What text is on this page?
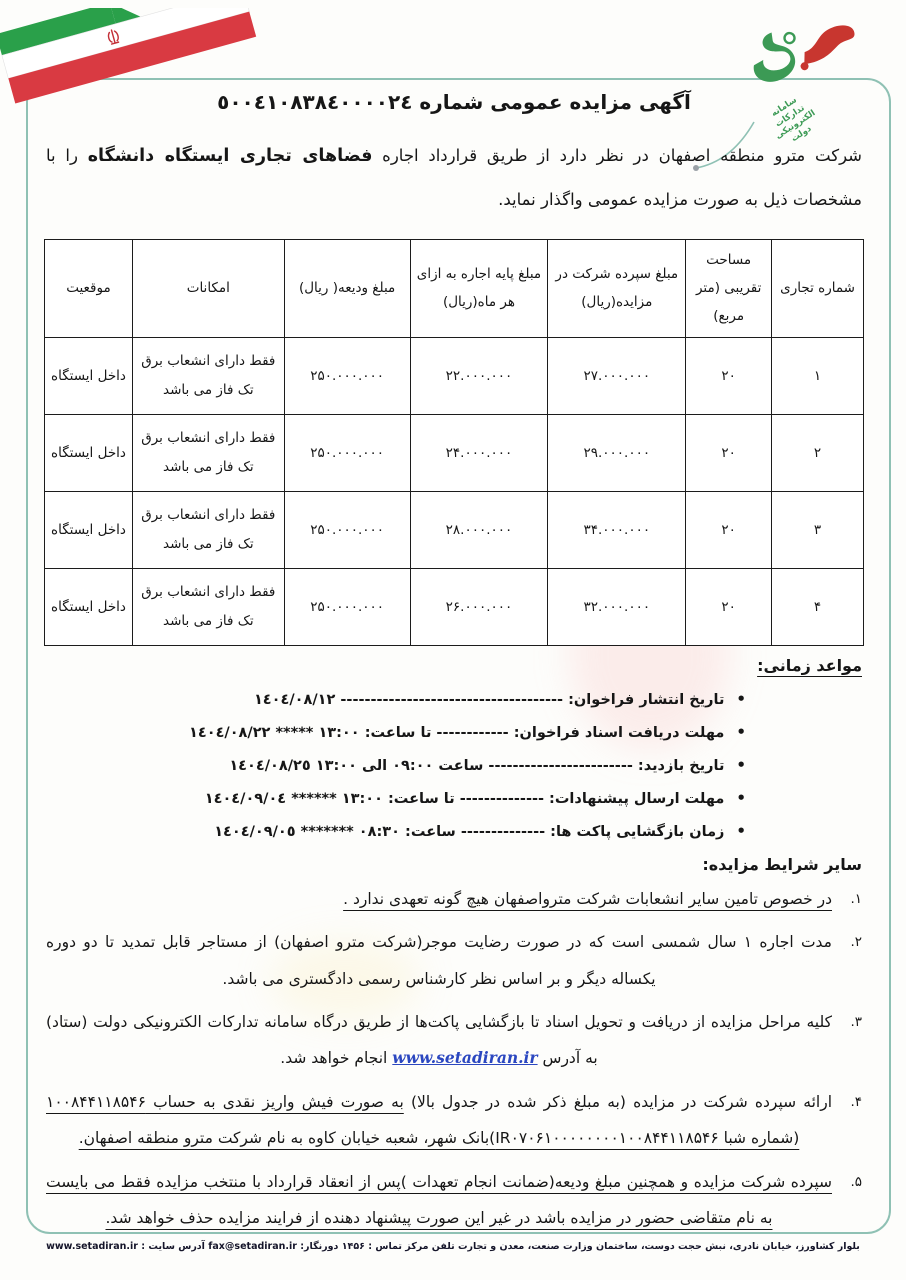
سامانه
تدارکات
الکترونیکی
دولت
آگهی مزایده عمومی شماره ٥٠٠٤١٠٨٣٨٤٠٠٠٠٢٤

شرکت مترو منطقه اصفهان در نظر دارد از طریق قرارداد اجاره فضاهای تجاری ایستگاه دانشگاه را با مشخصات ذیل به صورت مزایده عمومی واگذار نماید.

شماره تجاری	مساحت تقریبی (متر مربع)	مبلغ سپرده شرکت در مزایده(ریال)	مبلغ پایه اجاره به ازای هر ماه(ریال)	مبلغ ودیعه( ریال)	امکانات	موقعیت
۱	۲۰	۲۷.۰۰۰.۰۰۰	۲۲.۰۰۰.۰۰۰	۲۵۰.۰۰۰.۰۰۰	فقط دارای انشعاب برق تک فاز می باشد	داخل ایستگاه
۲	۲۰	۲۹.۰۰۰.۰۰۰	۲۴.۰۰۰.۰۰۰	۲۵۰.۰۰۰.۰۰۰	فقط دارای انشعاب برق تک فاز می باشد	داخل ایستگاه
۳	۲۰	۳۴.۰۰۰.۰۰۰	۲۸.۰۰۰.۰۰۰	۲۵۰.۰۰۰.۰۰۰	فقط دارای انشعاب برق تک فاز می باشد	داخل ایستگاه
۴	۲۰	۳۲.۰۰۰.۰۰۰	۲۶.۰۰۰.۰۰۰	۲۵۰.۰۰۰.۰۰۰	فقط دارای انشعاب برق تک فاز می باشد	داخل ایستگاه
مواعد زمانی:
• تاریخ انتشار فراخوان: ------------------------------------- ١٤٠٤/٠٨/١٢
• مهلت دریافت اسناد فراخوان: ------------ تا ساعت: ١٣:٠٠ ***** ١٤٠٤/٠٨/٢٢
• تاریخ بازدید: ------------------------ ساعت ٠٩:٠٠ الی ١٣:٠٠ ١٤٠٤/٠٨/٢٥
• مهلت ارسال پیشنهادات: -------------- تا ساعت: ١٣:٠٠ ****** ١٤٠٤/٠٩/٠٤
• زمان بازگشایی پاکت ها: -------------- ساعت: ٠٨:٣٠ ******* ١٤٠٤/٠٩/٠٥
سایر شرایط مزایده:
۱.
در خصوص تامین سایر انشعابات شرکت مترواصفهان هیچ گونه تعهدی ندارد .
۲.
مدت اجاره ۱ سال شمسی است که در صورت رضایت موجر(شرکت مترو اصفهان) از مستاجر قابل تمدید تا دو دوره یکساله دیگر و بر اساس نظر کارشناس رسمی دادگستری می باشد.
۳.
کلیه مراحل مزایده از دریافت و تحویل اسناد تا بازگشایی پاکت‌ها از طریق درگاه سامانه تدارکات الکترونیکی دولت (ستاد) به آدرس www.setadiran.ir انجام خواهد شد.
۴.
ارائه سپرده شرکت در مزایده (به مبلغ ذکر شده در جدول بالا) به صورت فیش واریز نقدی به حساب ۱۰۰۸۴۴۱۱۸۵۴۶ (شماره شبا IR۰۷۰۶۱۰۰۰۰۰۰۰۰۱۰۰۸۴۴۱۱۸۵۴۶)بانک شهر، شعبه خیابان کاوه به نام شرکت مترو منطقه اصفهان.
۵.
سپرده شرکت مزایده و همچنین مبلغ ودیعه(ضمانت انجام تعهدات )پس از انعقاد قرارداد با منتخب مزایده فقط می بایست به نام متقاضی حضور در مزایده باشد در غیر این صورت پیشنهاد دهنده از فرایند مزایده حذف خواهد شد.
بلوار کشاورز، خیابان نادری، نبش حجت دوست، ساختمان وزارت صنعت، معدن و تجارت تلفن مرکز تماس : ۱۴۵۶ دورنگار: fax@setadiran.ir آدرس سایت : www.setadiran.ir
